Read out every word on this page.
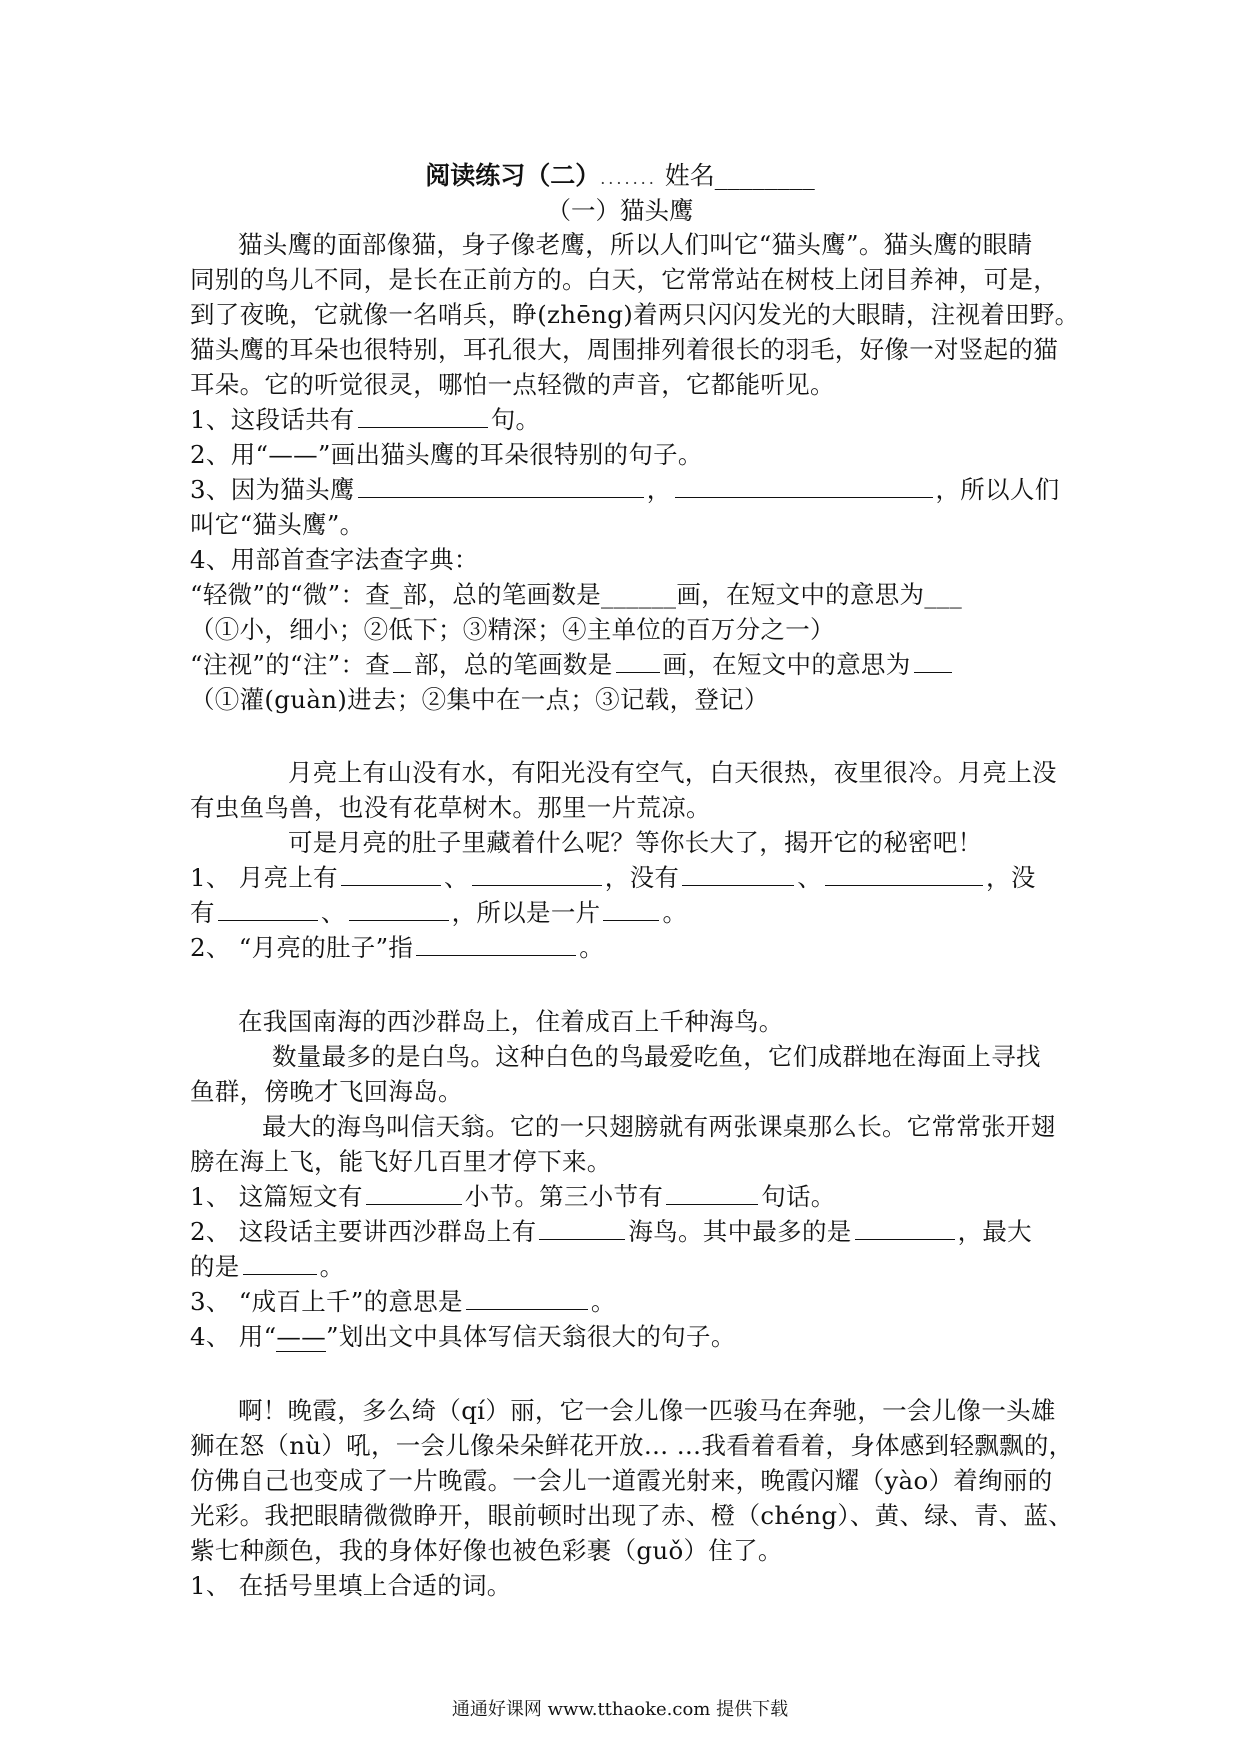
阅读练习（二）....... 姓名________
（一）猫头鹰
猫头鹰的面部像猫，身子像老鹰，所以人们叫它“猫头鹰”。猫头鹰的眼睛
同别的鸟儿不同，是长在正前方的。白天，它常常站在树枝上闭目养神，可是，
到了夜晚，它就像一名哨兵，睁(zhēng)着两只闪闪发光的大眼睛，注视着田野。
猫头鹰的耳朵也很特别，耳孔很大，周围排列着很长的羽毛，好像一对竖起的猫
耳朵。它的听觉很灵，哪怕一点轻微的声音，它都能听见。
1、这段话共有	句。
2、用“——”画出猫头鹰的耳朵很特别的句子。
3、因为猫头鹰	，	，所以人们
叫它“猫头鹰”。
4、用部首查字法查字典：
“轻微”的“微”：查_部，总的笔画数是______画，在短文中的意思为___
（①小，细小；②低下；③精深；④主单位的百万分之一）
“注视”的“注”：查 部，总的笔画数是 画，在短文中的意思为
（①灌(guàn)进去；②集中在一点；③记载，登记）
月亮上有山没有水，有阳光没有空气，白天很热，夜里很冷。月亮上没
有虫鱼鸟兽，也没有花草树木。那里一片荒凉。
可是月亮的肚子里藏着什么呢？等你长大了，揭开它的秘密吧！
1、 月亮上有	、	，没有	、	，没
有	、	，所以是一片	。
2、 “月亮的肚子”指	。
在我国南海的西沙群岛上，住着成百上千种海鸟。
数量最多的是白鸟。这种白色的鸟最爱吃鱼，它们成群地在海面上寻找
鱼群，傍晚才飞回海岛。
最大的海鸟叫信天翁。它的一只翅膀就有两张课桌那么长。它常常张开翅
膀在海上飞，能飞好几百里才停下来。
1、 这篇短文有	小节。第三小节有	句话。
2、 这段话主要讲西沙群岛上有	海鸟。其中最多的是	，最大
的是	。
3、 “成百上千”的意思是	。
4、 用“——”划出文中具体写信天翁很大的句子。
啊！晚霞，多么绮（qí）丽，它一会儿像一匹骏马在奔驰，一会儿像一头雄
狮在怒（nù）吼，一会儿像朵朵鲜花开放… …我看着看着，身体感到轻飘飘的，
仿佛自己也变成了一片晚霞。一会儿一道霞光射来，晚霞闪耀（yào）着绚丽的
光彩。我把眼睛微微睁开，眼前顿时出现了赤、橙（chéng）、黄、绿、青、蓝、
紫七种颜色，我的身体好像也被色彩裹（guǒ）住了。
1、 在括号里填上合适的词。
通通好课网 www.tthaoke.com 提供下载
